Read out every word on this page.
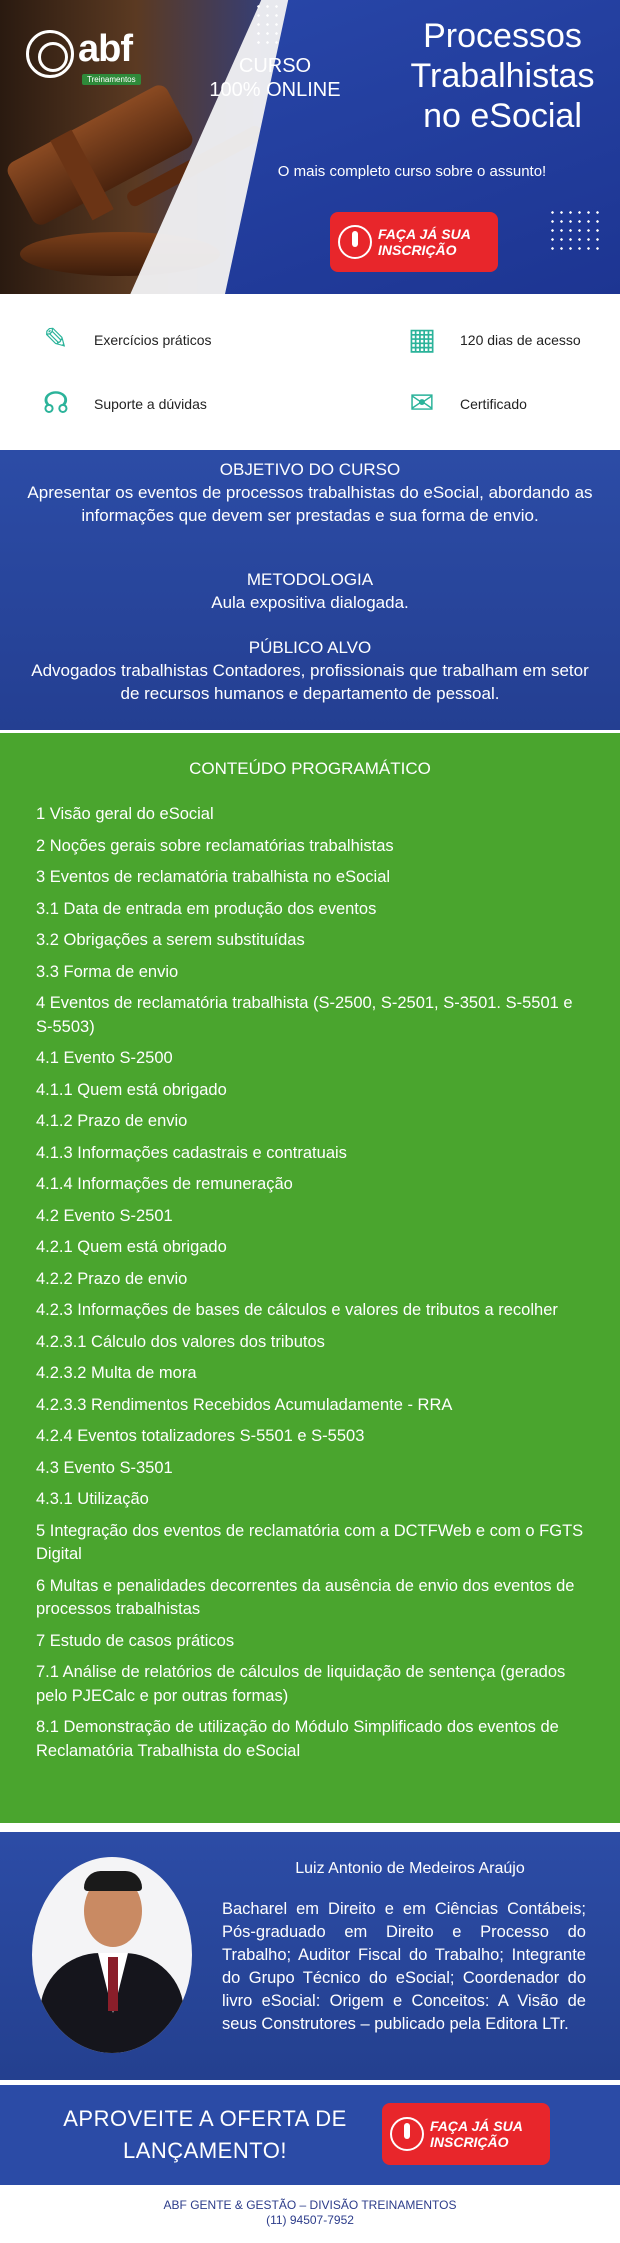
abf
Treinamentos
CURSO
100% ONLINE
Processos
Trabalhistas
no eSocial
O mais completo curso sobre o assunto!
FAÇA JÁ SUA
INSCRIÇÃO
✎	Exercícios práticos	▦ 120 dias de acesso
☊	Suporte a dúvidas	✉	Certificado
OBJETIVO DO CURSO
Apresentar os eventos de processos trabalhistas do eSocial, abordando as informações que devem ser prestadas e sua forma de envio.
METODOLOGIA
Aula expositiva dialogada.
PÚBLICO ALVO
Advogados trabalhistas Contadores, profissionais que trabalham em setor de recursos humanos e departamento de pessoal.
CONTEÚDO PROGRAMÁTICO
1 Visão geral do eSocial
2 Noções gerais sobre reclamatórias trabalhistas
3 Eventos de reclamatória trabalhista no eSocial
3.1 Data de entrada em produção dos eventos
3.2 Obrigações a serem substituídas
3.3 Forma de envio
4 Eventos de reclamatória trabalhista (S-2500, S-2501, S-3501. S-5501 e S-5503)
4.1 Evento S-2500
4.1.1 Quem está obrigado
4.1.2 Prazo de envio
4.1.3 Informações cadastrais e contratuais
4.1.4 Informações de remuneração
4.2 Evento S-2501
4.2.1 Quem está obrigado
4.2.2 Prazo de envio
4.2.3 Informações de bases de cálculos e valores de tributos a recolher
4.2.3.1 Cálculo dos valores dos tributos
4.2.3.2 Multa de mora
4.2.3.3 Rendimentos Recebidos Acumuladamente - RRA
4.2.4 Eventos totalizadores S-5501 e S-5503
4.3 Evento S-3501
4.3.1 Utilização
5 Integração dos eventos de reclamatória com a DCTFWeb e com o FGTS Digital
6 Multas e penalidades decorrentes da ausência de envio dos eventos de processos trabalhistas
7 Estudo de casos práticos
7.1 Análise de relatórios de cálculos de liquidação de sentença (gerados pelo PJECalc e por outras formas)
8.1 Demonstração de utilização do Módulo Simplificado dos eventos de Reclamatória Trabalhista do eSocial
Luiz Antonio de Medeiros Araújo
Bacharel em Direito e em Ciências Contábeis; Pós-graduado em Direito e Processo do Trabalho; Auditor Fiscal do Trabalho; Integrante do Grupo Técnico do eSocial; Coordenador do livro eSocial: Origem e Conceitos: A Visão de seus Construtores – publicado pela Editora LTr.
APROVEITE A OFERTA DE
LANÇAMENTO!
FAÇA JÁ SUA
INSCRIÇÃO
ABF GENTE & GESTÃO – DIVISÃO TREINAMENTOS
(11) 94507-7952
